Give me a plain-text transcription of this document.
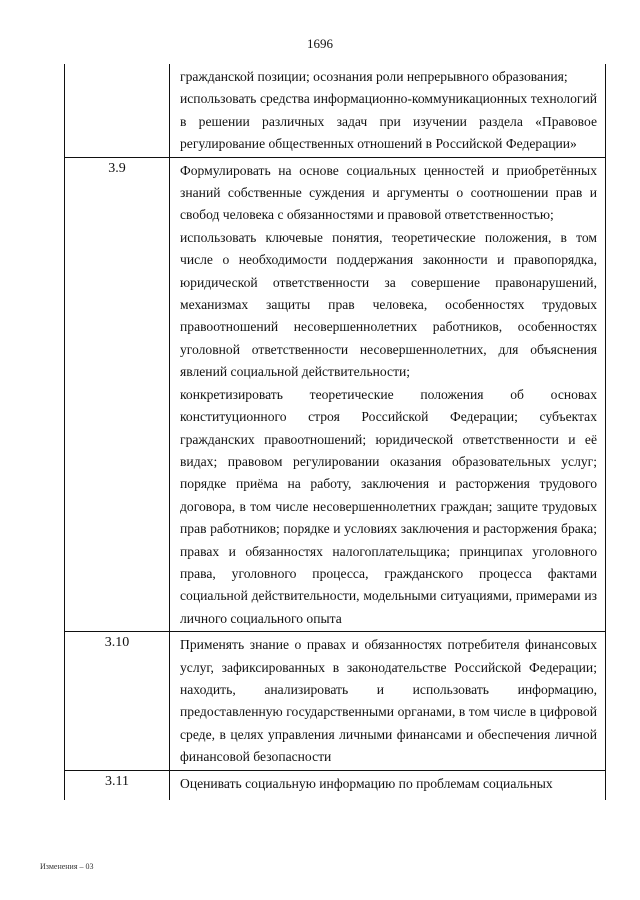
1696

	гражданской позиции; осознания роли непрерывного образования;

использовать средства информационно-коммуникационных технологий в решении различных задач при изучении раздела «Правовое регулирование общественных отношений в Российской Федерации»

3.9	Формулировать на основе социальных ценностей и приобретённых знаний собственные суждения и аргументы о соотношении прав и свобод человека с обязанностями и правовой ответственностью;

использовать ключевые понятия, теоретические положения, в том числе о необходимости поддержания законности и правопорядка, юридической ответственности за совершение правонарушений, механизмах защиты прав человека, особенностях трудовых правоотношений несовершеннолетних работников, особенностях уголовной ответственности несовершеннолетних, для объяснения явлений социальной действительности;

конкретизировать теоретические положения об основах конституционного строя Российской Федерации; субъектах гражданских правоотношений; юридической ответственности и её видах; правовом регулировании оказания образовательных услуг; порядке приёма на работу, заключения и расторжения трудового договора, в том числе несовершеннолетних граждан; защите трудовых прав работников; порядке и условиях заключения и расторжения брака; правах и обязанностях налогоплательщика; принципах уголовного права, уголовного процесса, гражданского процесса фактами социальной действительности, модельными ситуациями, примерами из личного социального опыта

3.10	Применять знание о правах и обязанностях потребителя финансовых услуг, зафиксированных в законодательстве Российской Федерации; находить, анализировать и использовать информацию, предоставленную государственными органами, в том числе в цифровой среде, в целях управления личными финансами и обеспечения личной финансовой безопасности

3.11	Оценивать социальную информацию по проблемам социальных

Изменения – 03
